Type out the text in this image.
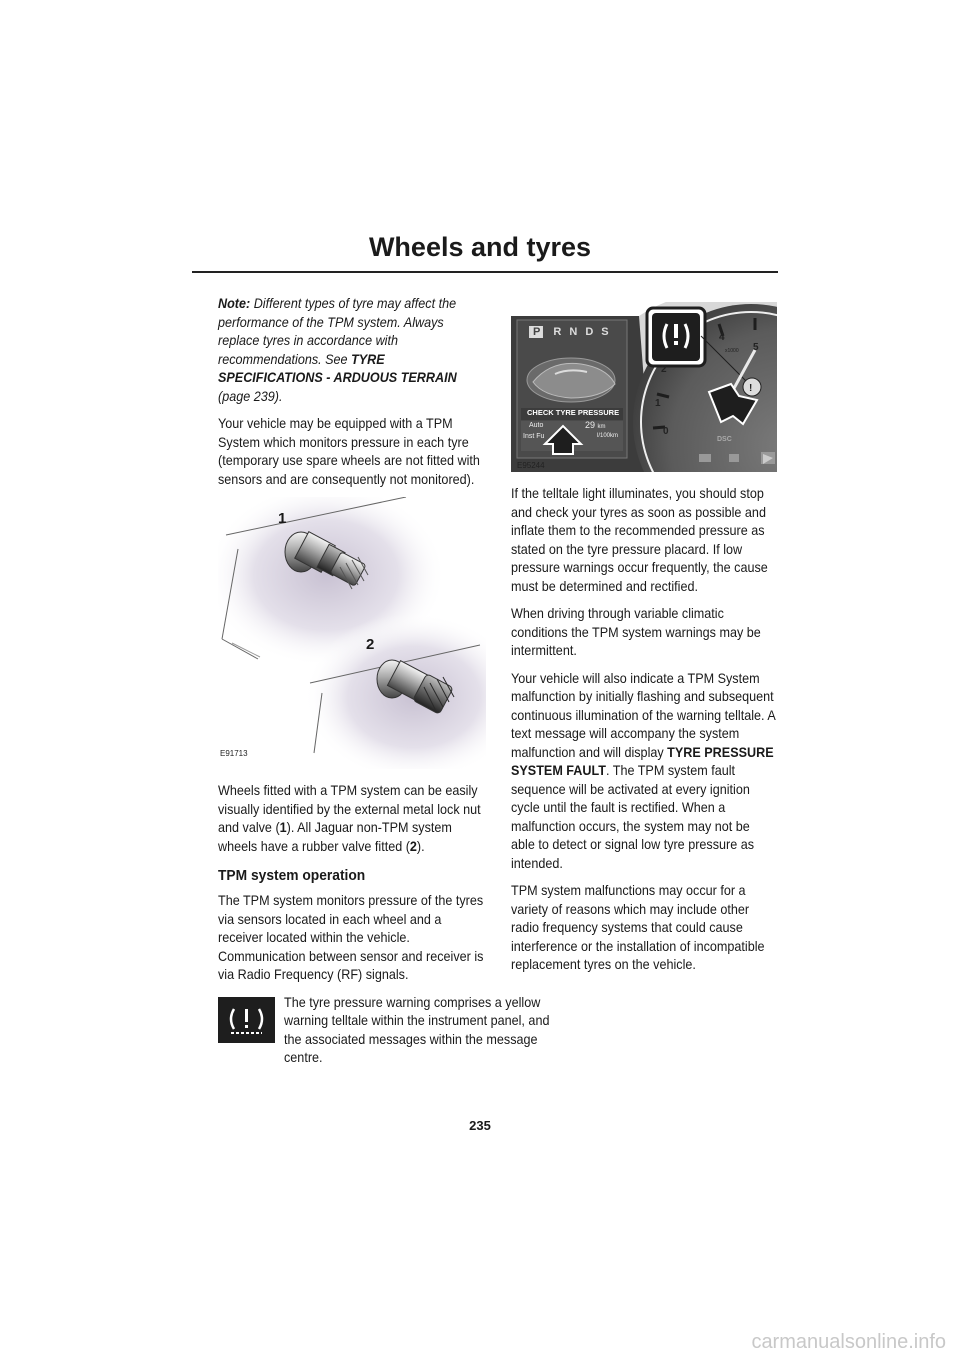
Wheels and tyres

Note: Different types of tyre may affect the performance of the TPM system. Always replace tyres in accordance with recommendations. See TYRE SPECIFICATIONS - ARDUOUS TERRAIN (page 239).

Your vehicle may be equipped with a TPM System which monitors pressure in each tyre (temporary use spare wheels are not fitted with sensors and are consequently not monitored).

1
2
E91713

Wheels fitted with a TPM system can be easily visually identified by the external metal lock nut and valve (1). All Jaguar non-TPM system wheels have a rubber valve fitted (2).

TPM system operation

The TPM system monitors pressure of the tyres via sensors located in each wheel and a receiver located within the vehicle. Communication between sensor and receiver is via Radio Frequency (RF) signals.

The tyre pressure warning comprises a yellow warning telltale within the instrument panel, and the associated messages within the message centre.

!
P RNDS
CHECK TYRE PRESSURE
Auto	29 km
Inst Fu	l/100km	0
1
2
4
5
x1000
DSC
E95244

If the telltale light illuminates, you should stop and check your tyres as soon as possible and inflate them to the recommended pressure as stated on the tyre pressure placard. If low pressure warnings occur frequently, the cause must be determined and rectified.

When driving through variable climatic conditions the TPM system warnings may be intermittent.

Your vehicle will also indicate a TPM System malfunction by initially flashing and subsequent continuous illumination of the warning telltale. A text message will accompany the system malfunction and will display TYRE PRESSURE SYSTEM FAULT. The TPM system fault sequence will be activated at every ignition cycle until the fault is rectified. When a malfunction occurs, the system may not be able to detect or signal low tyre pressure as intended.

TPM system malfunctions may occur for a variety of reasons which may include other radio frequency systems that could cause interference or the installation of incompatible replacement tyres on the vehicle.

235
carmanualsonline.info
